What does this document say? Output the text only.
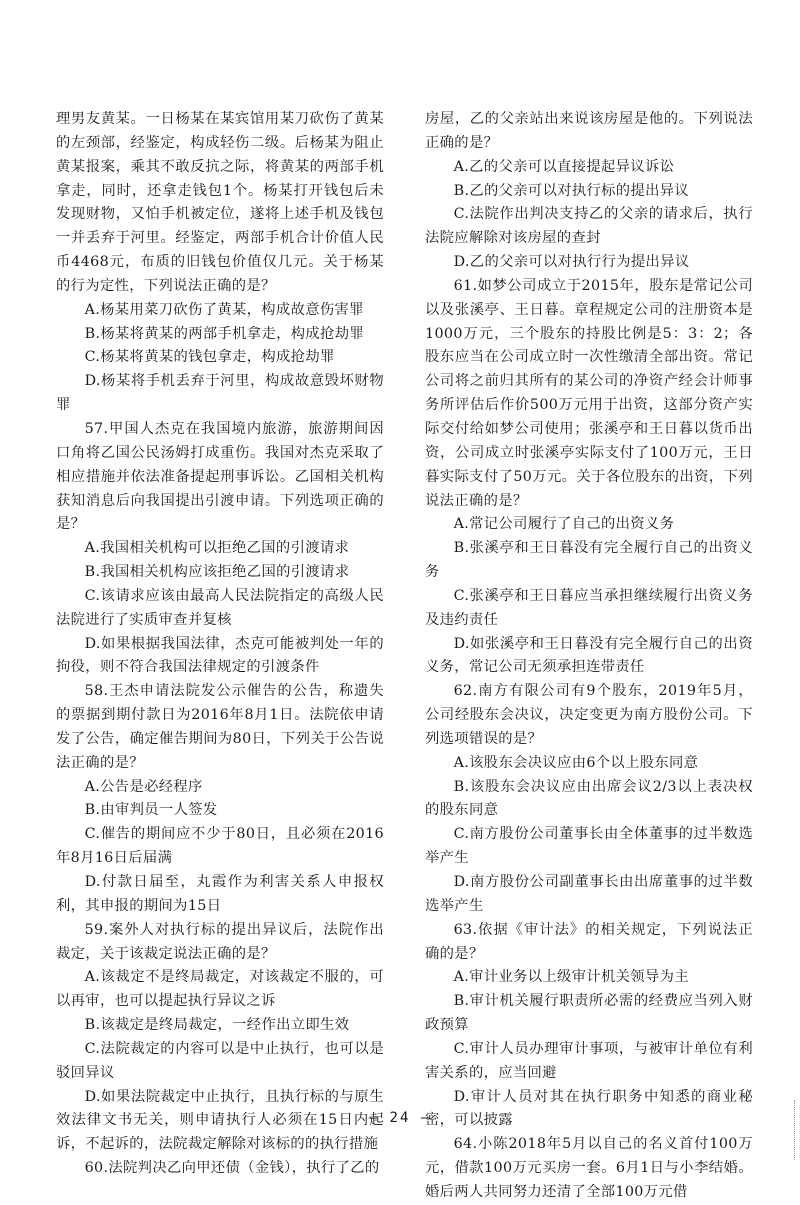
理男友黄某。一日杨某在某宾馆用某刀砍伤了黄某的左颈部，经鉴定，构成轻伤二级。后杨某为阻止黄某报案，乘其不敢反抗之际，将黄某的两部手机拿走，同时，还拿走钱包1个。杨某打开钱包后未发现财物，又怕手机被定位，遂将上述手机及钱包一并丢弃于河里。经鉴定，两部手机合计价值人民币4468元，布质的旧钱包价值仅几元。关于杨某的行为定性，下列说法正确的是？

A.杨某用菜刀砍伤了黄某，构成故意伤害罪

B.杨某将黄某的两部手机拿走，构成抢劫罪

C.杨某将黄某的钱包拿走，构成抢劫罪

D.杨某将手机丢弃于河里，构成故意毁坏财物罪

57.甲国人杰克在我国境内旅游，旅游期间因口角将乙国公民汤姆打成重伤。我国对杰克采取了相应措施并依法准备提起刑事诉讼。乙国相关机构获知消息后向我国提出引渡申请。下列选项正确的是？

A.我国相关机构可以拒绝乙国的引渡请求

B.我国相关机构应该拒绝乙国的引渡请求

C.该请求应该由最高人民法院指定的高级人民法院进行了实质审查并复核

D.如果根据我国法律，杰克可能被判处一年的拘役，则不符合我国法律规定的引渡条件

58.王杰申请法院发公示催告的公告，称遗失的票据到期付款日为2016年8月1日。法院依申请发了公告，确定催告期间为80日，下列关于公告说法正确的是？

A.公告是必经程序

B.由审判员一人签发

C.催告的期间应不少于80日，且必须在2016年8月16日后届满

D.付款日届至，丸霞作为利害关系人申报权利，其申报的期间为15日

59.案外人对执行标的提出异议后，法院作出裁定，关于该裁定说法正确的是？

A.该裁定不是终局裁定，对该裁定不服的，可以再审，也可以提起执行异议之诉

B.该裁定是终局裁定，一经作出立即生效

C.法院裁定的内容可以是中止执行，也可以是驳回异议

D.如果法院裁定中止执行，且执行标的与原生效法律文书无关，则申请执行人必须在15日内起诉，不起诉的，法院裁定解除对该标的的执行措施

60.法院判决乙向甲还债（金钱），执行了乙的

房屋，乙的父亲站出来说该房屋是他的。下列说法正确的是？

A.乙的父亲可以直接提起异议诉讼

B.乙的父亲可以对执行标的提出异议

C.法院作出判决支持乙的父亲的请求后，执行法院应解除对该房屋的查封

D.乙的父亲可以对执行行为提出异议

61.如梦公司成立于2015年，股东是常记公司以及张溪亭、王日暮。章程规定公司的注册资本是1000万元，三个股东的持股比例是5：3：2；各股东应当在公司成立时一次性缴清全部出资。常记公司将之前归其所有的某公司的净资产经会计师事务所评估后作价500万元用于出资，这部分资产实际交付给如梦公司使用；张溪亭和王日暮以货币出资，公司成立时张溪亭实际支付了100万元，王日暮实际支付了50万元。关于各位股东的出资，下列说法正确的是？

A.常记公司履行了自己的出资义务

B.张溪亭和王日暮没有完全履行自己的出资义务

C.张溪亭和王日暮应当承担继续履行出资义务及违约责任

D.如张溪亭和王日暮没有完全履行自己的出资义务，常记公司无须承担连带责任

62.南方有限公司有9个股东，2019年5月，公司经股东会决议，决定变更为南方股份公司。下列选项错误的是？

A.该股东会决议应由6个以上股东同意

B.该股东会决议应由出席会议2/3以上表决权的股东同意

C.南方股份公司董事长由全体董事的过半数选举产生

D.南方股份公司副董事长由出席董事的过半数选举产生

63.依据《审计法》的相关规定，下列说法正确的是？

A.审计业务以上级审计机关领导为主

B.审计机关履行职责所必需的经费应当列入财政预算

C.审计人员办理审计事项，与被审计单位有利害关系的，应当回避

D.审计人员对其在执行职务中知悉的商业秘密，可以披露

64.小陈2018年5月以自己的名义首付100万元，借款100万元买房一套。6月1日与小李结婚。婚后两人共同努力还清了全部100万元借

— 24 —
